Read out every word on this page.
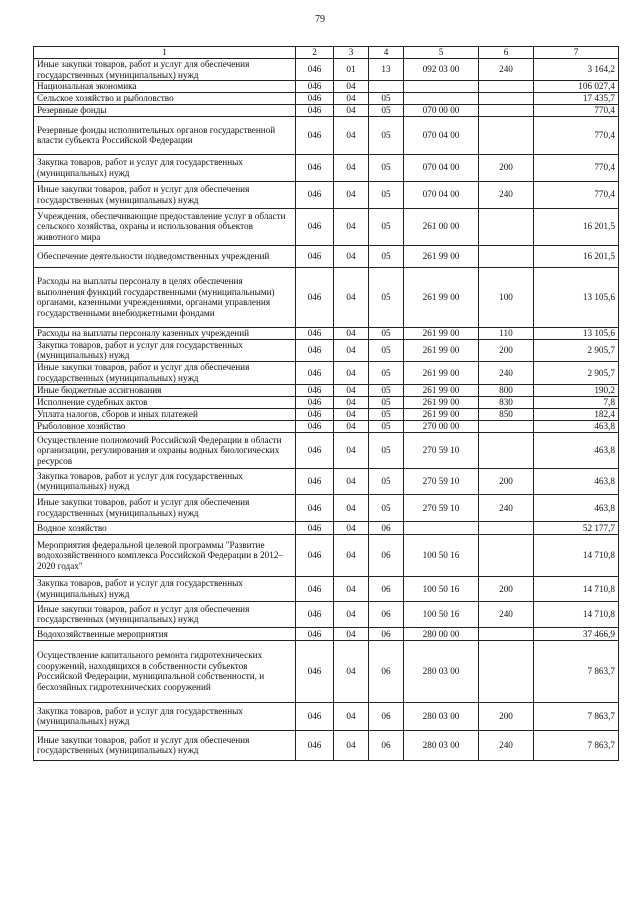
79
1	2	3	4	5	6	7
Иные закупки товаров, работ и услуг для обеспечения государственных (муниципальных) нужд	046	01	13	092 03 00	240	3 164,2
Национальная экономика	046	04				106 027,4
Сельское хозяйство и рыболовство	046	04	05			17 435,7
Резервные фонды	046	04	05	070 00 00		770,4
Резервные фонды исполнительных органов государственной власти субъекта Российской Федерации	046	04	05	070 04 00		770,4
Закупка товаров, работ и услуг для государственных (муниципальных) нужд	046	04	05	070 04 00	200	770,4
Иные закупки товаров, работ и услуг для обеспечения государственных (муниципальных) нужд	046	04	05	070 04 00	240	770,4
Учреждения, обеспечивающие предоставление услуг в области сельского хозяйства, охраны и использования объектов животного мира	046	04	05	261 00 00		16 201,5
Обеспечение деятельности подведомственных учреждений	046	04	05	261 99 00		16 201,5
Расходы на выплаты персоналу в целях обеспечения выполнения функций государственными (муниципальными) органами, казенными учреждениями, органами управления государственными внебюджетными фондами	046	04	05	261 99 00	100	13 105,6
Расходы на выплаты персоналу казенных учреждений	046	04	05	261 99 00	110	13 105,6
Закупка товаров, работ и услуг для государственных (муниципальных) нужд	046	04	05	261 99 00	200	2 905,7
Иные закупки товаров, работ и услуг для обеспечения государственных (муниципальных) нужд	046	04	05	261 99 00	240	2 905,7
Иные бюджетные ассигнования	046	04	05	261 99 00	800	190,2
Исполнение судебных актов	046	04	05	261 99 00	830	7,8
Уплата налогов, сборов и иных платежей	046	04	05	261 99 00	850	182,4
Рыболовное хозяйство	046	04	05	270 00 00		463,8
Осуществление полномочий Российской Федерации в области организации, регулирования и охраны водных биологических ресурсов	046	04	05	270 59 10		463,8
Закупка товаров, работ и услуг для государственных (муниципальных) нужд	046	04	05	270 59 10	200	463,8
Иные закупки товаров, работ и услуг для обеспечения государственных (муниципальных) нужд	046	04	05	270 59 10	240	463,8
Водное хозяйство	046	04	06			52 177,7
Мероприятия федеральной целевой программы "Развитие водохозяйственного комплекса Российской Федерации в 2012–2020 годах"	046	04	06	100 50 16		14 710,8
Закупка товаров, работ и услуг для государственных (муниципальных) нужд	046	04	06	100 50 16	200	14 710,8
Иные закупки товаров, работ и услуг для обеспечения государственных (муниципальных) нужд	046	04	06	100 50 16	240	14 710,8
Водохозяйственные мероприятия	046	04	06	280 00 00		37 466,9
Осуществление капитального ремонта гидротехнических сооружений, находящихся в собственности субъектов Российской Федерации, муниципальной собственности, и бесхозяйных гидротехнических сооружений	046	04	06	280 03 00		7 863,7
Закупка товаров, работ и услуг для государственных (муниципальных) нужд	046	04	06	280 03 00	200	7 863,7
Иные закупки товаров, работ и услуг для обеспечения государственных (муниципальных) нужд	046	04	06	280 03 00	240	7 863,7
